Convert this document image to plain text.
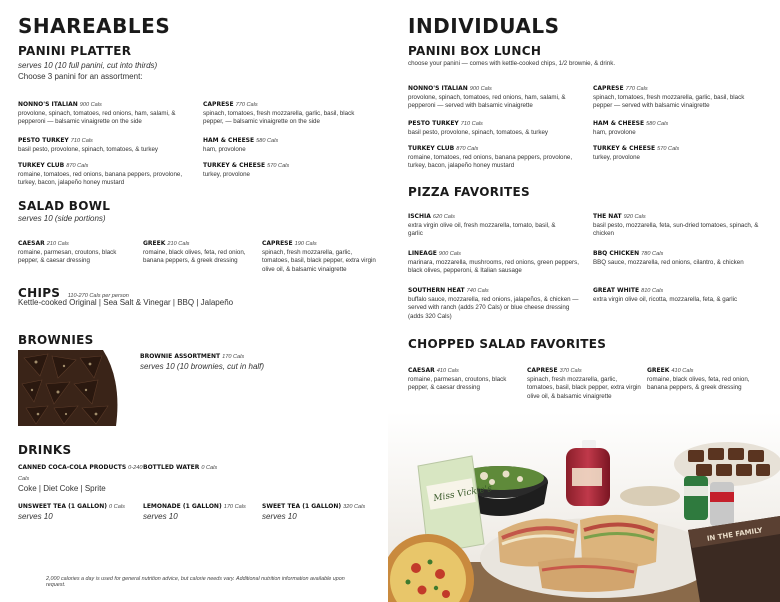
SHAREABLES
PANINI PLATTER
serves 10 (10 full panini, cut into thirds)
Choose 3 panini for an assortment:
NONNO'S ITALIAN 900 Cals
provolone, spinach, tomatoes, red onions, ham, salami, & pepperoni — balsamic vinaigrette on the side
CAPRESE 770 Cals
spinach, tomatoes, fresh mozzarella, garlic, basil, black pepper, — balsamic vinaigrette on the side
PESTO TURKEY 710 Cals
basil pesto, provolone, spinach, tomatoes, & turkey
HAM & CHEESE 580 Cals
ham, provolone
TURKEY CLUB 870 Cals
romaine, tomatoes, red onions, banana peppers, provolone, turkey, bacon, jalapeño honey mustard
TURKEY & CHEESE 570 Cals
turkey, provolone
SALAD BOWL
serves 10 (side portions)
CAESAR 210 Cals
romaine, parmesan, croutons, black pepper, & caesar dressing
GREEK 210 Cals
romaine, black olives, feta, red onion, banana peppers, & greek dressing
CAPRESE 190 Cals
spinach, fresh mozzarella, garlic, tomatoes, basil, black pepper, extra virgin olive oil, & balsamic vinaigrette
CHIPS 110-270 Cals per person
Kettle-cooked Original | Sea Salt & Vinegar | BBQ | Jalapeño
BROWNIES
BROWNIE ASSORTMENT 170 Cals
serves 10 (10 brownies, cut in half)
DRINKS
CANNED COCA-COLA PRODUCTS 0-240 Cals
Coke | Diet Coke | Sprite
BOTTLED WATER 0 Cals
UNSWEET TEA (1 GALLON) 0 Cals
serves 10
LEMONADE (1 GALLON) 170 Cals
serves 10
SWEET TEA (1 GALLON) 320 Cals
serves 10
2,000 calories a day is used for general nutrition advice, but calorie needs vary. Additional nutrition information available upon request.
INDIVIDUALS
PANINI BOX LUNCH
choose your panini — comes with kettle-cooked chips, 1/2 brownie, & drink.
NONNO'S ITALIAN 900 Cals
provolone, spinach, tomatoes, red onions, ham, salami, & pepperoni — served with balsamic vinaigrette
CAPRESE 770 Cals
spinach, tomatoes, fresh mozzarella, garlic, basil, black pepper — served with balsamic vinaigrette
PESTO TURKEY 710 Cals
basil pesto, provolone, spinach, tomatoes, & turkey
HAM & CHEESE 580 Cals
ham, provolone
TURKEY CLUB 870 Cals
romaine, tomatoes, red onions, banana peppers, provolone, turkey, bacon, jalapeño honey mustard
TURKEY & CHEESE 570 Cals
turkey, provolone
PIZZA FAVORITES
ISCHIA 620 Cals
extra virgin olive oil, fresh mozzarella, tomato, basil, & garlic
THE NAT 920 Cals
basil pesto, mozzarella, feta, sun-dried tomatoes, spinach, & chicken
LINEAGE 900 Cals
marinara, mozzarella, mushrooms, red onions, green peppers, black olives, pepperoni, & Italian sausage
BBQ CHICKEN 780 Cals
BBQ sauce, mozzarella, red onions, cilantro, & chicken
SOUTHERN HEAT 740 Cals
buffalo sauce, mozzarella, red onions, jalapeños, & chicken — served with ranch (adds 270 Cals) or blue cheese dressing (adds 320 Cals)
GREAT WHITE 810 Cals
extra virgin olive oil, ricotta, mozzarella, feta, & garlic
CHOPPED SALAD FAVORITES
CAESAR 410 Cals
romaine, parmesan, croutons, black pepper, & caesar dressing
CAPRESE 370 Cals
spinach, fresh mozzarella, garlic, tomatoes, basil, black pepper, extra virgin olive oil, & balsamic vinaigrette
GREEK 410 Cals
romaine, black olives, feta, red onion, banana peppers, & greek dressing
Miss Vickie's
IN THE FAMILY
